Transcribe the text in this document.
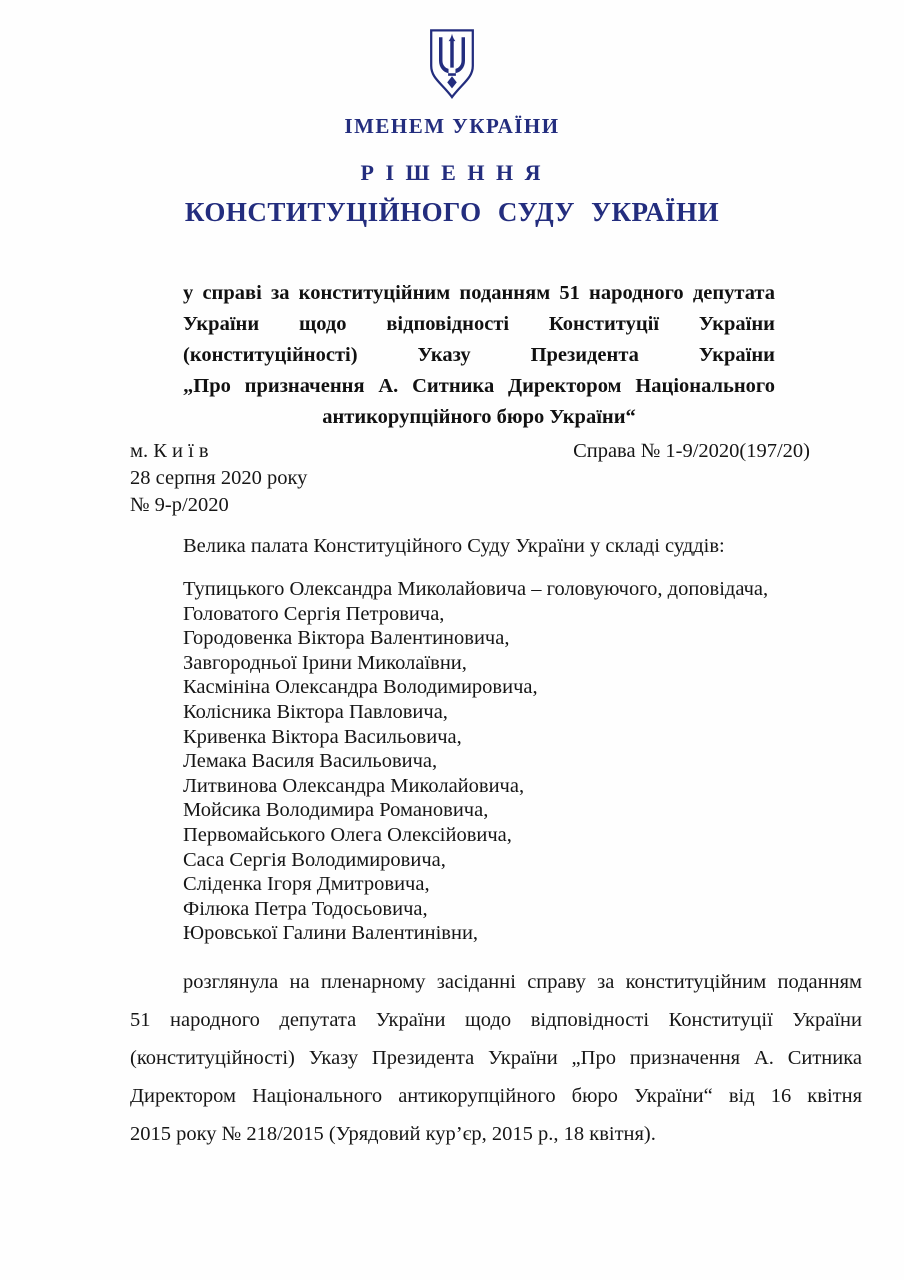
ІМЕНЕМ УКРАЇНИ
Р І Ш Е Н Н Я
КОНСТИТУЦІЙНОГО СУДУ УКРАЇНИ
у справі за конституційним поданням 51 народного депутата
України щодо відповідності Конституції України
(конституційності) Указу Президента України
„Про призначення А. Ситника Директором Національного
антикорупційного бюро України“
м. К и ї в
28 серпня 2020 року
№ 9-р/2020
Справа № 1-9/2020(197/20)
Велика палата Конституційного Суду України у складі суддів:
Тупицького Олександра Миколайовича – головуючого, доповідача,
Головатого Сергія Петровича,
Городовенка Віктора Валентиновича,
Завгородньої Ірини Миколаївни,
Касмініна Олександра Володимировича,
Колісника Віктора Павловича,
Кривенка Віктора Васильовича,
Лемака Василя Васильовича,
Литвинова Олександра Миколайовича,
Мойсика Володимира Романовича,
Первомайського Олега Олексійовича,
Саса Сергія Володимировича,
Сліденка Ігоря Дмитровича,
Філюка Петра Тодосьовича,
Юровської Галини Валентинівни,
розглянула на пленарному засіданні справу за конституційним поданням
51 народного депутата України щодо відповідності Конституції України
(конституційності) Указу Президента України „Про призначення А. Ситника
Директором Національного антикорупційного бюро України“ від 16 квітня
2015 року № 218/2015 (Урядовий кур’єр, 2015 р., 18 квітня).
